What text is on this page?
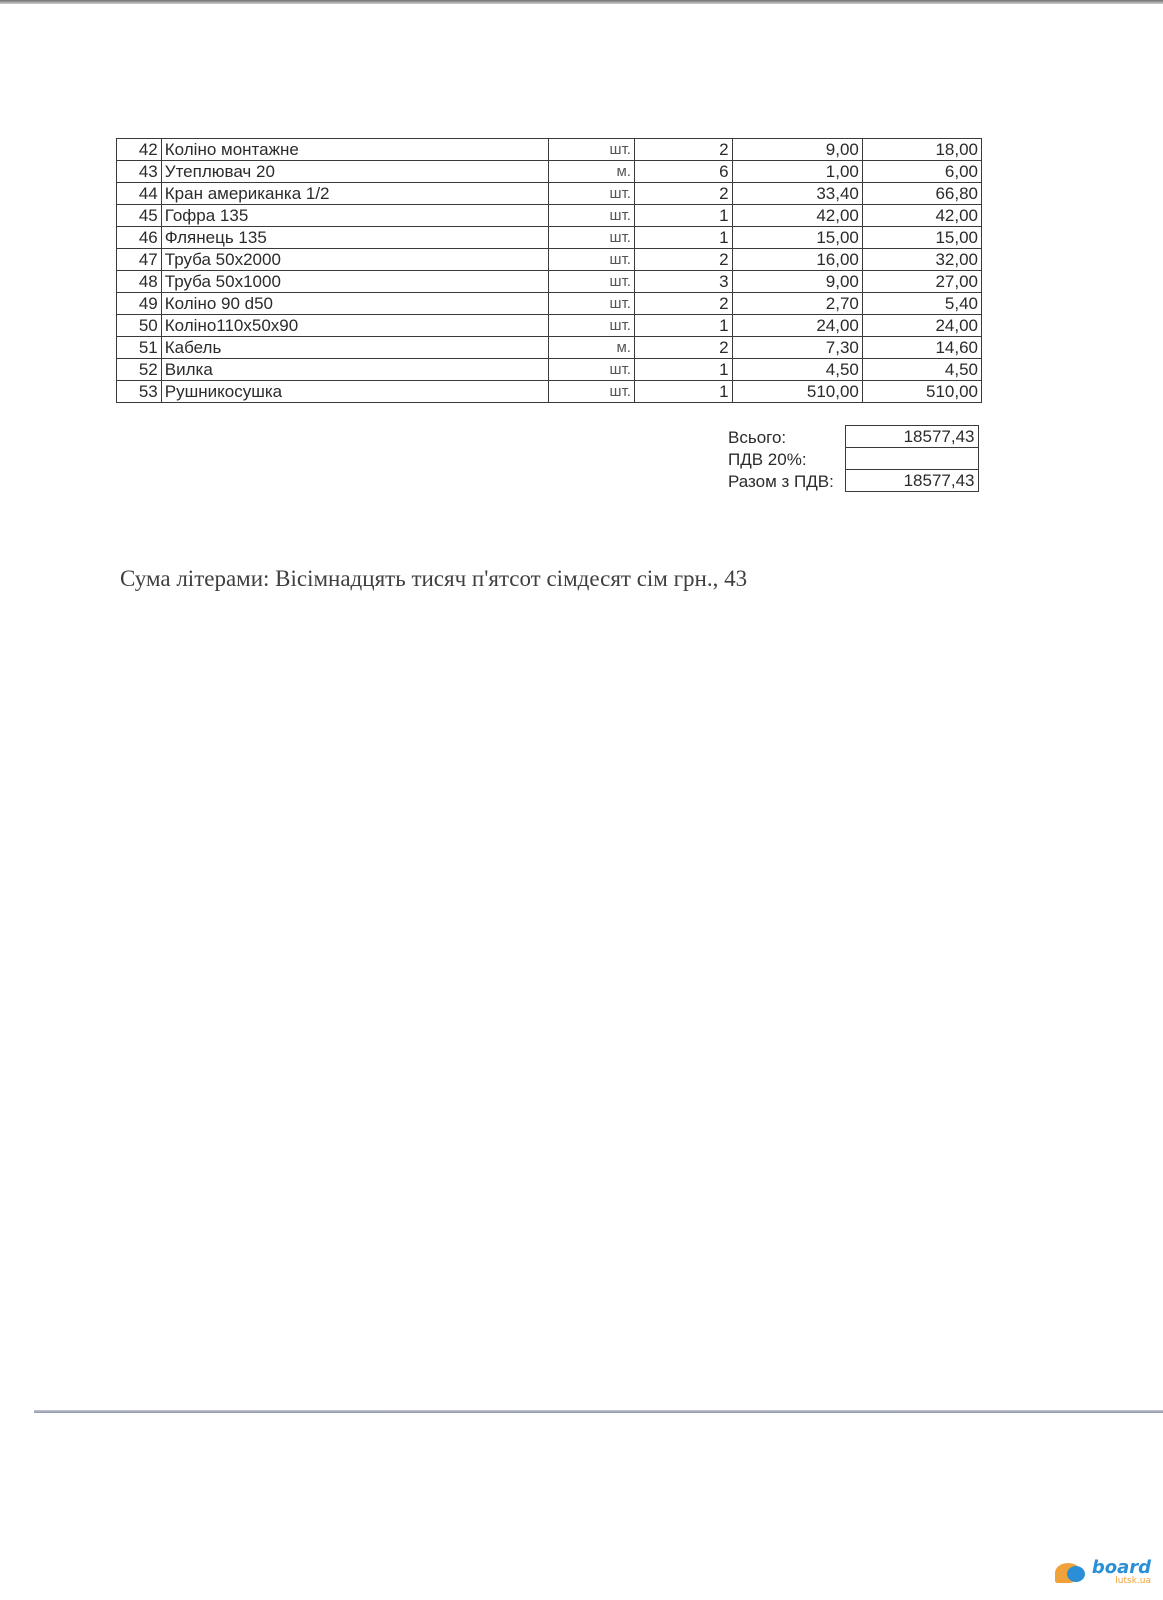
42	Коліно монтажне	шт.	2	9,00	18,00
43	Утеплювач 20	м.	6	1,00	6,00
44	Кран американка 1/2	шт.	2	33,40	66,80
45	Гофра 135	шт.	1	42,00	42,00
46	Флянець 135	шт.	1	15,00	15,00
47	Труба 50х2000	шт.	2	16,00	32,00
48	Труба 50х1000	шт.	3	9,00	27,00
49	Коліно 90 d50	шт.	2	2,70	5,40
50	Коліно110х50х90	шт.	1	24,00	24,00
51	Кабель	м.	2	7,30	14,60
52	Вилка	шт.	1	4,50	4,50
53	Рушникосушка	шт.	1	510,00	510,00
Всього:	18577,43
ПДВ 20%:	
Разом з ПДВ:	18577,43
Сума літерами: Вісімнадцять тисяч п'ятсот сімдесят сім грн., 43
board
lutsk.ua
